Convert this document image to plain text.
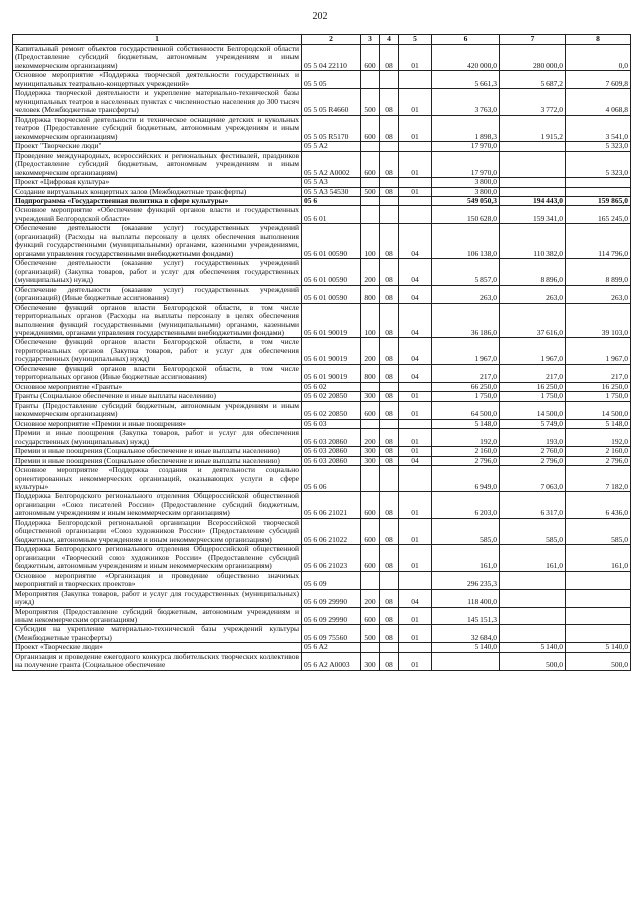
202
1	2	3	4	5	6	7	8
Капитальный ремонт объектов государственной собственности Белгородской области (Предоставление субсидий бюджетным, автономным учреждениям и иным некоммерческим организациям)	05 5 04 22110	600	08	01	420 000,0	280 000,0	0,0
Основное мероприятие «Поддержка творческой деятельности государственных и муниципальных театрально-концертных учреждений»	05 5 05				5 661,3	5 687,2	7 609,8
Поддержка творческой деятельности и укрепление материально-технической базы муниципальных театров в населенных пунктах с численностью населения до 300 тысяч человек (Межбюджетные трансферты)	05 5 05 R4660	500	08	01	3 763,0	3 772,0	4 068,8
Поддержка творческой деятельности и техническое оснащение детских и кукольных театров (Предоставление субсидий бюджетным, автономным учреждениям и иным некоммерческим организациям)	05 5 05 R5170	600	08	01	1 898,3	1 915,2	3 541,0
Проект "Творческие люди"	05 5 A2				17 970,0		5 323,0
Проведение международных, всероссийских и региональных фестивалей, праздников (Предоставление субсидий бюджетным, автономным учреждениям и иным некоммерческим организациям)	05 5 A2 A0002	600	08	01	17 970,0		5 323,0
Проект «Цифровая культура»	05 5 A3				3 800,0		
Создание виртуальных концертных залов (Межбюджетные трансферты)	05 5 A3 54530	500	08	01	3 800,0		
Подпрограмма «Государственная политика в сфере культуры»	05 6				549 050,3	194 443,0	159 865,0
Основное мероприятие «Обеспечение функций органов власти и государственных учреждений Белгородской области»	05 6 01				150 628,0	159 341,0	165 245,0
Обеспечение деятельности (оказание услуг) государственных учреждений (организаций) (Расходы на выплаты персоналу в целях обеспечения выполнения функций государственными (муниципальными) органами, казенными учреждениями, органами управления государственными внебюджетными фондами)	05 6 01 00590	100	08	04	106 138,0	110 382,0	114 796,0
Обеспечение деятельности (оказание услуг) государственных учреждений (организаций) (Закупка товаров, работ и услуг для обеспечения государственных (муниципальных) нужд)	05 6 01 00590	200	08	04	5 857,0	8 896,0	8 899,0
Обеспечение деятельности (оказание услуг) государственных учреждений (организаций) (Иные бюджетные ассигнования)	05 6 01 00590	800	08	04	263,0	263,0	263,0
Обеспечение функций органов власти Белгородской области, в том числе территориальных органов (Расходы на выплаты персоналу в целях обеспечения выполнения функций государственными (муниципальными) органами, казенными учреждениями, органами управления государственными внебюджетными фондами)	05 6 01 90019	100	08	04	36 186,0	37 616,0	39 103,0
Обеспечение функций органов власти Белгородской области, в том числе территориальных органов (Закупка товаров, работ и услуг для обеспечения государственных (муниципальных) нужд)	05 6 01 90019	200	08	04	1 967,0	1 967,0	1 967,0
Обеспечение функций органов власти Белгородской области, в том числе территориальных органов (Иные бюджетные ассигнования)	05 6 01 90019	800	08	04	217,0	217,0	217,0
Основное мероприятие «Гранты»	05 6 02				66 250,0	16 250,0	16 250,0
Гранты (Социальное обеспечение и иные выплаты населению)	05 6 02 20850	300	08	01	1 750,0	1 750,0	1 750,0
Гранты (Предоставление субсидий бюджетным, автономным учреждениям и иным некоммерческим организациям)	05 6 02 20850	600	08	01	64 500,0	14 500,0	14 500,0
Основное мероприятие «Премии и иные поощрения»	05 6 03				5 148,0	5 749,0	5 148,0
Премии и иные поощрения (Закупка товаров, работ и услуг для обеспечения государственных (муниципальных) нужд)	05 6 03 20860	200	08	01	192,0	193,0	192,0
Премии и иные поощрения (Социальное обеспечение и иные выплаты населению)	05 6 03 20860	300	08	01	2 160,0	2 760,0	2 160,0
Премии и иные поощрения (Социальное обеспечение и иные выплаты населению)	05 6 03 20860	300	08	04	2 796,0	2 796,0	2 796,0
Основное мероприятие «Поддержка создания и деятельности социально ориентированных некоммерческих организаций, оказывающих услуги в сфере культуры»	05 6 06				6 949,0	7 063,0	7 182,0
Поддержка Белгородского регионального отделения Общероссийской общественной организации «Союз писателей России» (Предоставление субсидий бюджетным, автономным учреждениям и иным некоммерческим организациям)	05 6 06 21021	600	08	01	6 203,0	6 317,0	6 436,0
Поддержка Белгородской региональной организации Всероссийской творческой общественной организации «Союз художников России» (Предоставление субсидий бюджетным, автономным учреждениям и иным некоммерческим организациям)	05 6 06 21022	600	08	01	585,0	585,0	585,0
Поддержка Белгородского регионального отделения Общероссийской общественной организации «Творческий союз художников России» (Предоставление субсидий бюджетным, автономным учреждениям и иным некоммерческим организациям)	05 6 06 21023	600	08	01	161,0	161,0	161,0
Основное мероприятие «Организация и проведение общественно значимых мероприятий и творческих проектов»	05 6 09				296 235,3		
Мероприятия (Закупка товаров, работ и услуг для государственных (муниципальных) нужд)	05 6 09 29990	200	08	04	118 400,0		
Мероприятия (Предоставление субсидий бюджетным, автономным учреждениям и иным некоммерческим организациям)	05 6 09 29990	600	08	01	145 151,3		
Субсидия на укрепление материально-технической базы учреждений культуры (Межбюджетные трансферты)	05 6 09 75560	500	08	01	32 684,0		
Проект «Творческие люди»	05 6 A2				5 140,0	5 140,0	5 140,0
Организация и проведение ежегодного конкурса любительских творческих коллективов на получение гранта (Социальное обеспечение	05 6 A2 A0003	300	08	01		500,0	500,0
